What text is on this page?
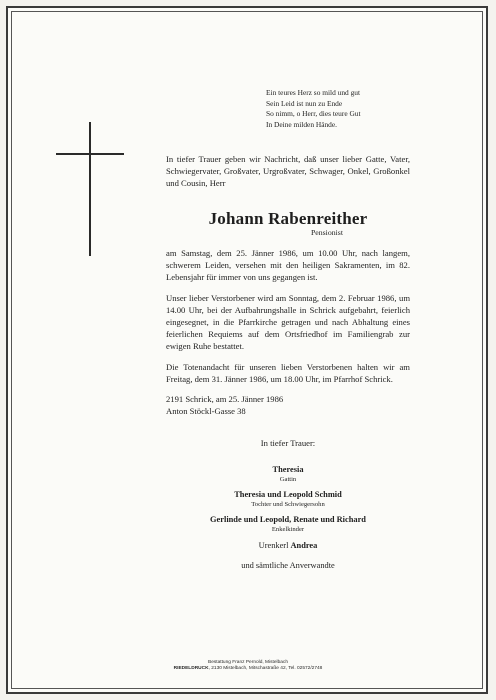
Ein teures Herz so mild und gut
Sein Leid ist nun zu Ende
So nimm, o Herr, dies teure Gut
In Deine milden Hände.

In tiefer Trauer geben wir Nachricht, daß unser lieber Gatte, Vater, Schwiegervater, Großvater, Urgroßvater, Schwager, Onkel, Großonkel und Cousin, Herr

Johann Rabenreither
Pensionist

am Samstag, dem 25. Jänner 1986, um 10.00 Uhr, nach langem, schwerem Leiden, versehen mit den heiligen Sakramenten, im 82. Lebensjahr für immer von uns gegangen ist.

Unser lieber Verstorbener wird am Sonntag, dem 2. Februar 1986, um 14.00 Uhr, bei der Aufbahrungshalle in Schrick aufgebahrt, feierlich eingesegnet, in die Pfarrkirche getragen und nach Abhaltung eines feierlichen Requiems auf dem Ortsfriedhof im Familiengrab zur ewigen Ruhe bestattet.

Die Totenandacht für unseren lieben Verstorbenen halten wir am Freitag, dem 31. Jänner 1986, um 18.00 Uhr, im Pfarrhof Schrick.

2191 Schrick, am 25. Jänner 1986

Anton Stöckl-Gasse 38

In tiefer Trauer:
Theresia
Gattin
Theresia und Leopold Schmid
Tochter und Schwiegersohn
Gerlinde und Leopold, Renate und Richard
Enkelkinder
Urenkerl Andrea
und sämtliche Anverwandte
Bestattung Franz Pernold, Mistelbach
RIEDELDRUCK, 2130 Mistelbach, Mitschastraße 42, Tel. 02572/2748
